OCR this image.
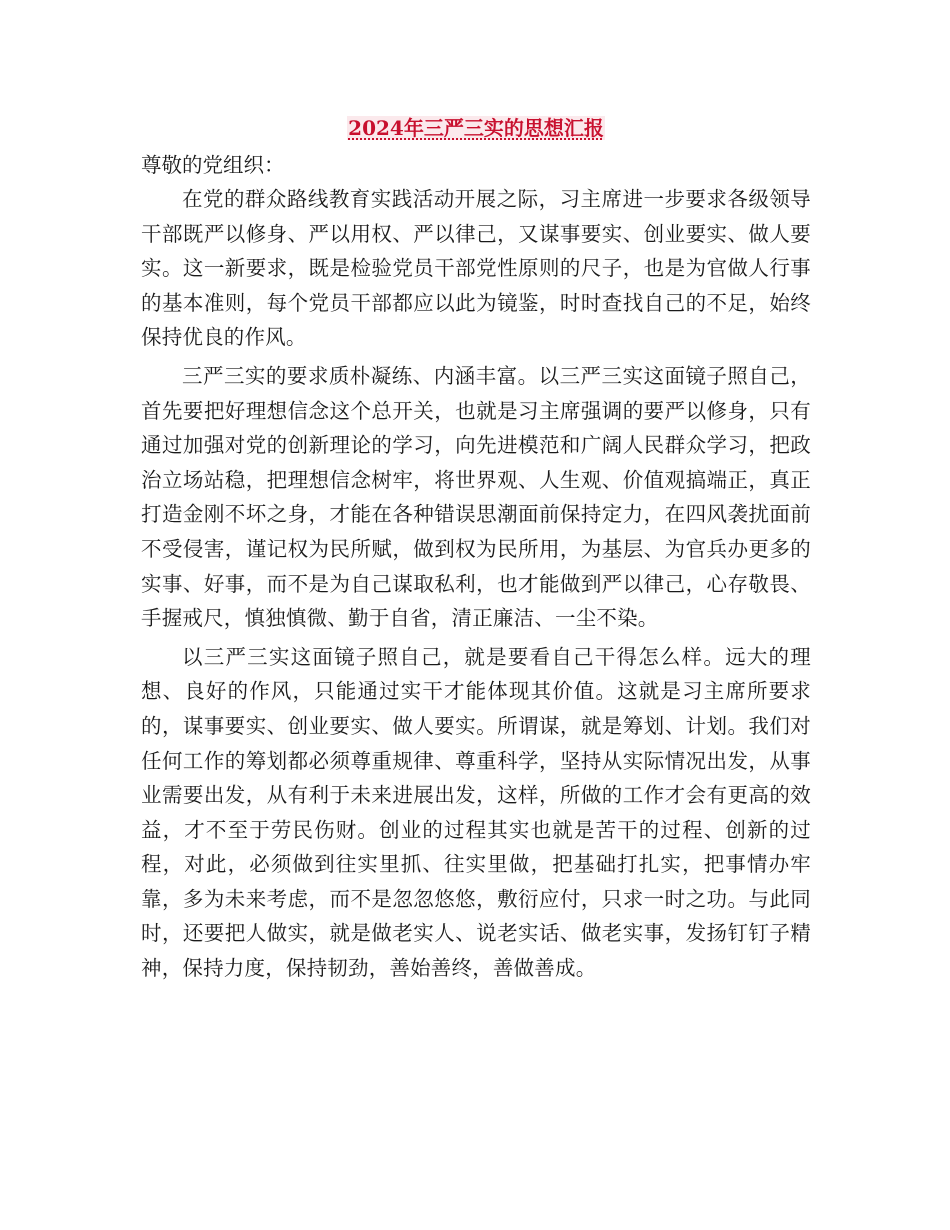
2024年三严三实的思想汇报

尊敬的党组织：

在党的群众路线教育实践活动开展之际，习主席进一步要求各级领导干部既严以修身、严以用权、严以律己，又谋事要实、创业要实、做人要实。这一新要求，既是检验党员干部党性原则的尺子，也是为官做人行事的基本准则，每个党员干部都应以此为镜鉴，时时查找自己的不足，始终保持优良的作风。

三严三实的要求质朴凝练、内涵丰富。以三严三实这面镜子照自己，首先要把好理想信念这个总开关，也就是习主席强调的要严以修身，只有通过加强对党的创新理论的学习，向先进模范和广阔人民群众学习，把政治立场站稳，把理想信念树牢，将世界观、人生观、价值观搞端正，真正打造金刚不坏之身，才能在各种错误思潮面前保持定力，在四风袭扰面前不受侵害，谨记权为民所赋，做到权为民所用，为基层、为官兵办更多的实事、好事，而不是为自己谋取私利，也才能做到严以律己，心存敬畏、手握戒尺，慎独慎微、勤于自省，清正廉洁、一尘不染。

以三严三实这面镜子照自己，就是要看自己干得怎么样。远大的理想、良好的作风，只能通过实干才能体现其价值。这就是习主席所要求的，谋事要实、创业要实、做人要实。所谓谋，就是筹划、计划。我们对任何工作的筹划都必须尊重规律、尊重科学，坚持从实际情况出发，从事业需要出发，从有利于未来进展出发，这样，所做的工作才会有更高的效益，才不至于劳民伤财。创业的过程其实也就是苦干的过程、创新的过程，对此，必须做到往实里抓、往实里做，把基础打扎实，把事情办牢靠，多为未来考虑，而不是忽忽悠悠，敷衍应付，只求一时之功。与此同时，还要把人做实，就是做老实人、说老实话、做老实事，发扬钉钉子精神，保持力度，保持韧劲，善始善终，善做善成。
